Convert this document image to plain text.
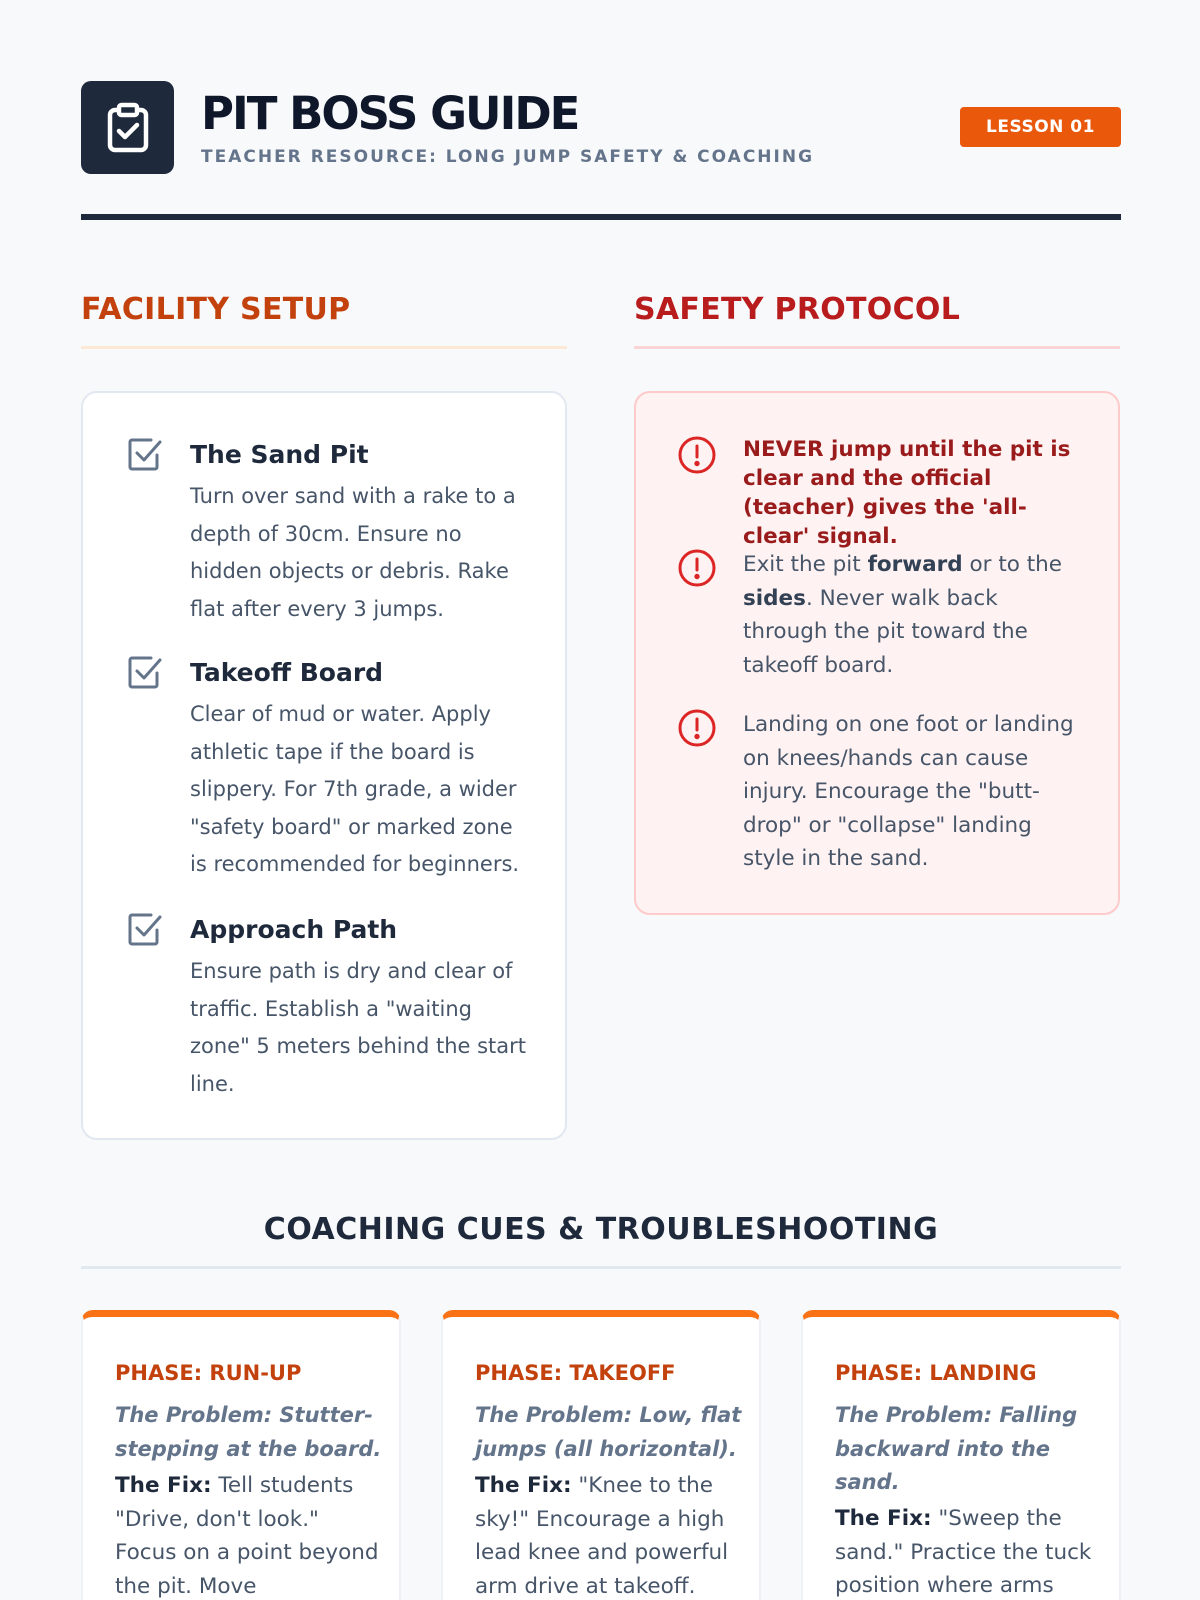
PIT BOSS GUIDE
TEACHER RESOURCE: LONG JUMP SAFETY & COACHING
LESSON 01
FACILITY SETUP
The Sand Pit
Turn over sand with a rake to a depth of 30cm. Ensure no hidden objects or debris. Rake flat after every 3 jumps.
Takeoff Board
Clear of mud or water. Apply athletic tape if the board is slippery. For 7th grade, a wider "safety board" or marked zone is recommended for beginners.
Approach Path
Ensure path is dry and clear of traffic. Establish a "waiting zone" 5 meters behind the start line.
SAFETY PROTOCOL
NEVER jump until the pit is clear and the official (teacher) gives the 'all-clear' signal.
Exit the pit forward or to the sides. Never walk back through the pit toward the takeoff board.
Landing on one foot or landing on knees/hands can cause injury. Encourage the "butt-drop" or "collapse" landing style in the sand.
COACHING CUES & TROUBLESHOOTING
PHASE: RUN-UP
The Problem: Stutter-stepping at the board.
The Fix: Tell students "Drive, don't look." Focus on a point beyond the pit. Move
PHASE: TAKEOFF
The Problem: Low, flat jumps (all horizontal).
The Fix: "Knee to the sky!" Encourage a high lead knee and powerful arm drive at takeoff.
PHASE: LANDING
The Problem: Falling backward into the sand.
The Fix: "Sweep the sand." Practice the tuck position where arms
